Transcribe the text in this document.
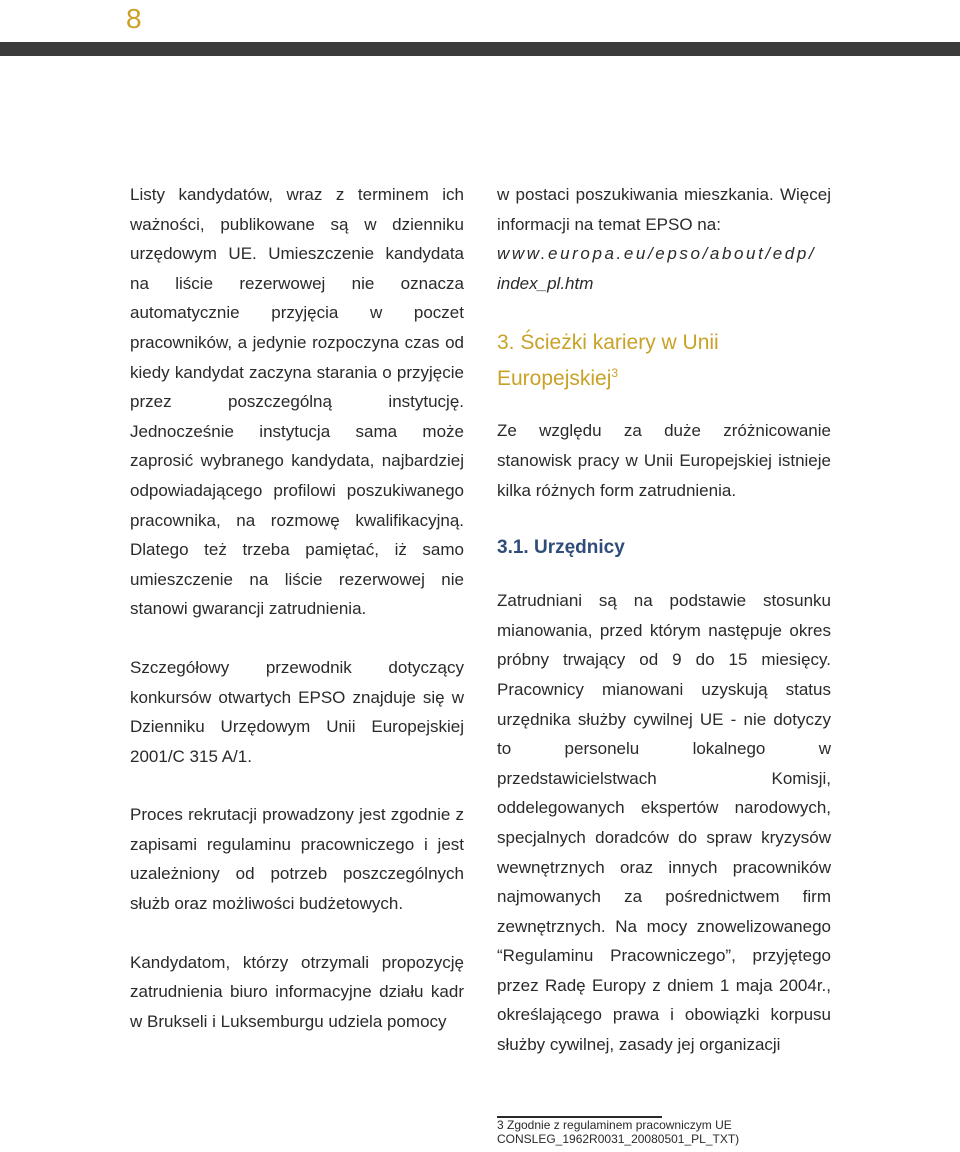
8

Listy kandydatów, wraz z terminem ich ważności, publikowane są w dzienniku urzędowym UE. Umieszczenie kandydata na liście rezerwowej nie oznacza automatycznie przyjęcia w poczet pracowników, a jedynie rozpoczyna czas od kiedy kandydat zaczyna starania o przyjęcie przez poszczególną instytucję. Jednocześnie instytucja sama może zaprosić wybranego kandydata, najbardziej odpowiadającego profilowi poszukiwanego pracownika, na rozmowę kwalifikacyjną. Dlatego też trzeba pamiętać, iż samo umieszczenie na liście rezerwowej nie stanowi gwarancji zatrudnienia.

Szczegółowy przewodnik dotyczący konkursów otwartych EPSO znajduje się w Dzienniku Urzędowym Unii Europejskiej 2001/C 315 A/1.

Proces rekrutacji prowadzony jest zgodnie z zapisami regulaminu pracowniczego i jest uzależniony od potrzeb poszczególnych służb oraz możliwości budżetowych.

Kandydatom, którzy otrzymali propozycję zatrudnienia biuro informacyjne działu kadr w Brukseli i Luksemburgu udziela pomocy

w postaci poszukiwania mieszkania. Więcej informacji na temat EPSO na:
www.europa.eu/epso/about/edp/
index_pl.htm

3. Ścieżki kariery w Unii Europejskiej$^3$

Ze względu za duże zróżnicowanie stanowisk pracy w Unii Europejskiej istnieje kilka różnych form zatrudnienia.

3.1. Urzędnicy

Zatrudniani są na podstawie stosunku mianowania, przed którym następuje okres próbny trwający od 9 do 15 miesięcy. Pracownicy mianowani uzyskują status urzędnika służby cywilnej UE - nie dotyczy to personelu lokalnego w przedstawicielstwach Komisji, oddelegowanych ekspertów narodowych, specjalnych doradców do spraw kryzysów wewnętrznych oraz innych pracowników najmowanych za pośrednictwem firm zewnętrznych. Na mocy znowelizowanego “Regulaminu Pracowniczego”, przyjętego przez Radę Europy z dniem 1 maja 2004r., określającego prawa i obowiązki korpusu służby cywilnej, zasady jej organizacji

3 Zgodnie z regulaminem pracowniczym UE
CONSLEG_1962R0031_20080501_PL_TXT)
